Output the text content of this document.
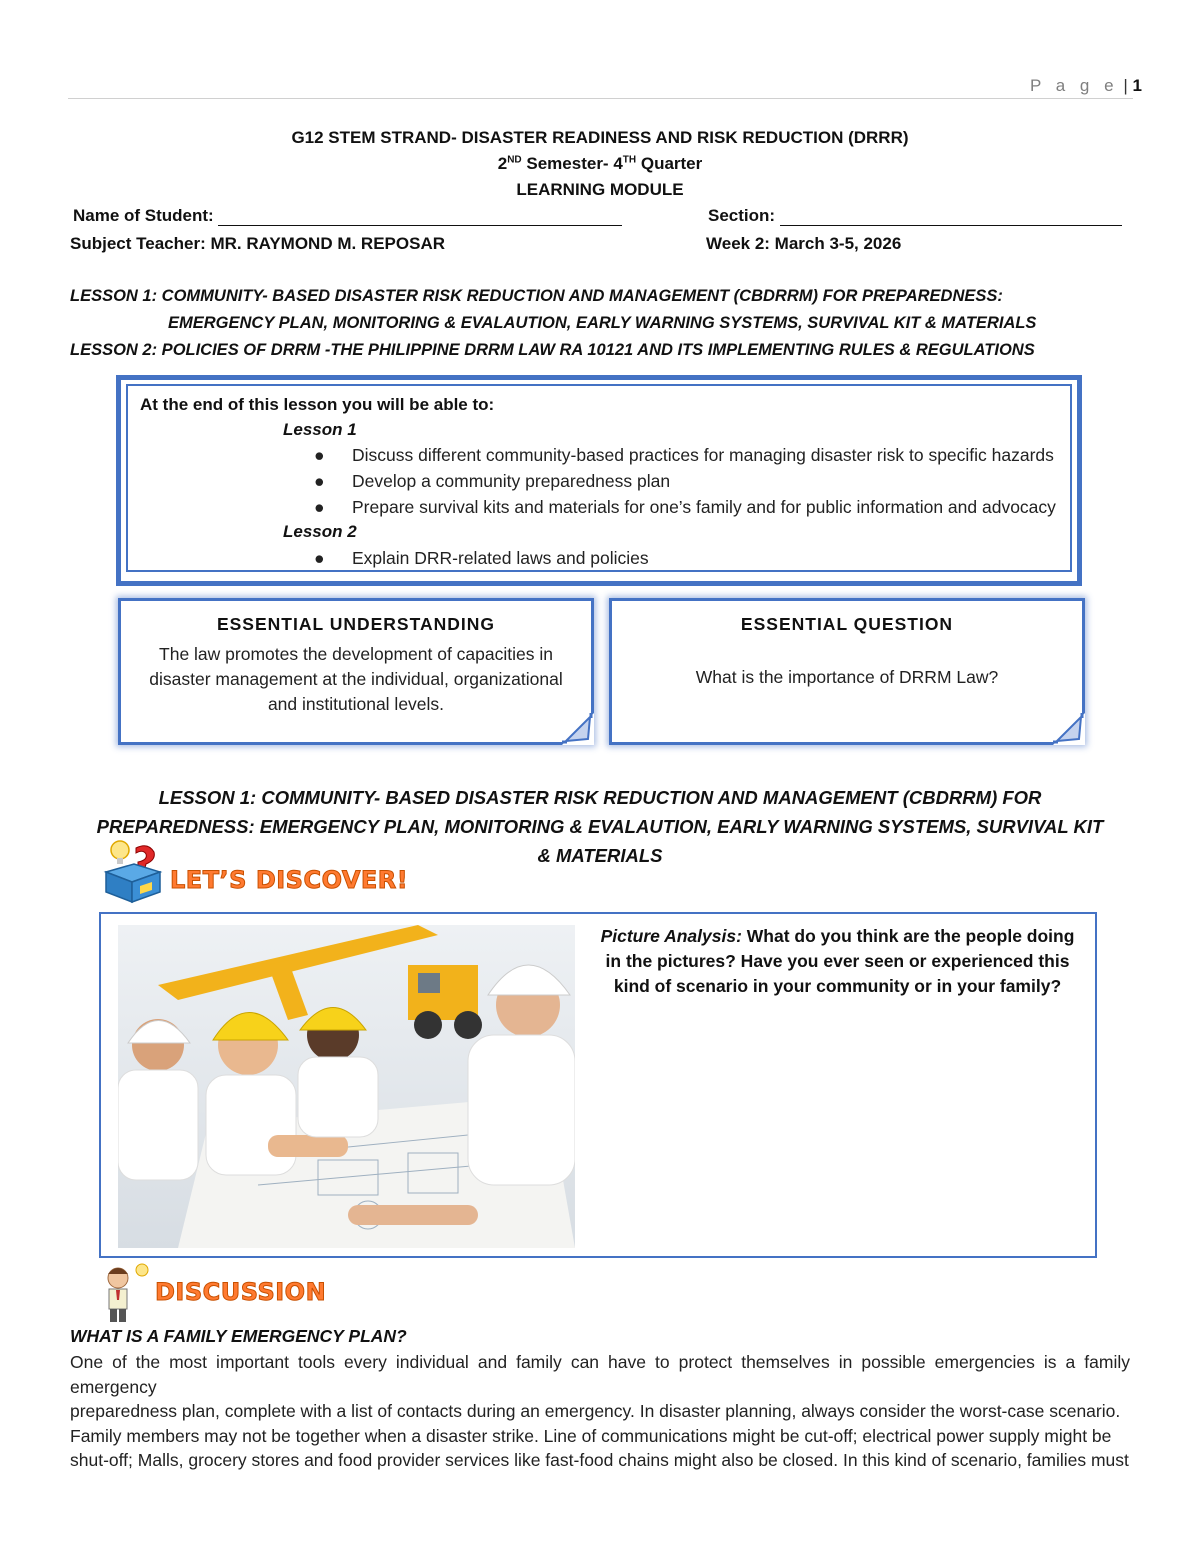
P a g e | 1
G12 STEM STRAND- DISASTER READINESS AND RISK REDUCTION (DRRR)
2ND Semester- 4TH Quarter
LEARNING MODULE
Name of Student:	Section:
Subject Teacher: MR. RAYMOND M. REPOSAR	Week 2: March 3-5, 2026
LESSON 1: COMMUNITY- BASED DISASTER RISK REDUCTION AND MANAGEMENT (CBDRRM) FOR PREPAREDNESS:
EMERGENCY PLAN, MONITORING & EVALAUTION, EARLY WARNING SYSTEMS, SURVIVAL KIT & MATERIALS
LESSON 2: POLICIES OF DRRM -THE PHILIPPINE DRRM LAW RA 10121 AND ITS IMPLEMENTING RULES & REGULATIONS
At the end of this lesson you will be able to:
Lesson 1
● Discuss different community-based practices for managing disaster risk to specific hazards
● Develop a community preparedness plan
● Prepare survival kits and materials for one’s family and for public information and advocacy
Lesson 2
● Explain DRR-related laws and policies
ESSENTIAL UNDERSTANDING
The law promotes the development of capacities in
disaster management at the individual, organizational
and institutional levels.
ESSENTIAL QUESTION
What is the importance of DRRM Law?
LESSON 1: COMMUNITY- BASED DISASTER RISK REDUCTION AND MANAGEMENT (CBDRRM) FOR
PREPAREDNESS: EMERGENCY PLAN, MONITORING & EVALAUTION, EARLY WARNING SYSTEMS, SURVIVAL KIT
& MATERIALS
LET’S DISCOVER!
Picture Analysis: What do you think are the people doing
in the pictures? Have you ever seen or experienced this
kind of scenario in your community or in your family?
DISCUSSION
WHAT IS A FAMILY EMERGENCY PLAN?
One of the most important tools every individual and family can have to protect themselves in possible emergencies is a family emergency
preparedness plan, complete with a list of contacts during an emergency. In disaster planning, always consider the worst-case scenario.
Family members may not be together when a disaster strike. Line of communications might be cut-off; electrical power supply might be
shut-off; Malls, grocery stores and food provider services like fast-food chains might also be closed. In this kind of scenario, families must
